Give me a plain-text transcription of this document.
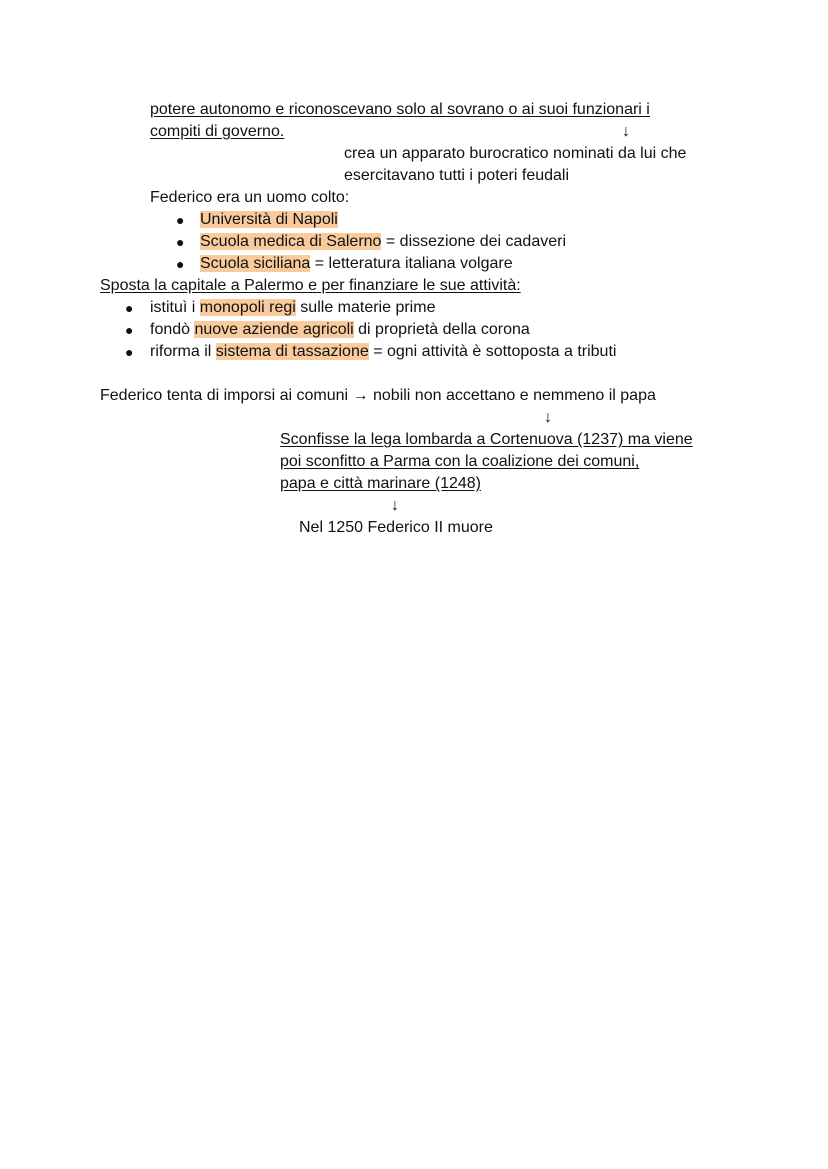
potere autonomo e riconoscevano solo al sovrano o ai suoi funzionari i
compiti di governo.	↓
crea un apparato burocratico nominati da lui che
esercitavano tutti i poteri feudali
Federico era un uomo colto:
● Università di Napoli
● Scuola medica di Salerno = dissezione dei cadaveri
● Scuola siciliana = letteratura italiana volgare
Sposta la capitale a Palermo e per finanziare le sue attività:
● istituì i monopoli regi sulle materie prime
● fondò nuove aziende agricoli di proprietà della corona
● riforma il sistema di tassazione = ogni attività è sottoposta a tributi
Federico tenta di imporsi ai comuni → nobili non accettano e nemmeno il papa
↓
Sconfisse la lega lombarda a Cortenuova (1237) ma viene
poi sconfitto a Parma con la coalizione dei comuni,
papa e città marinare (1248)
↓
Nel 1250 Federico II muore
